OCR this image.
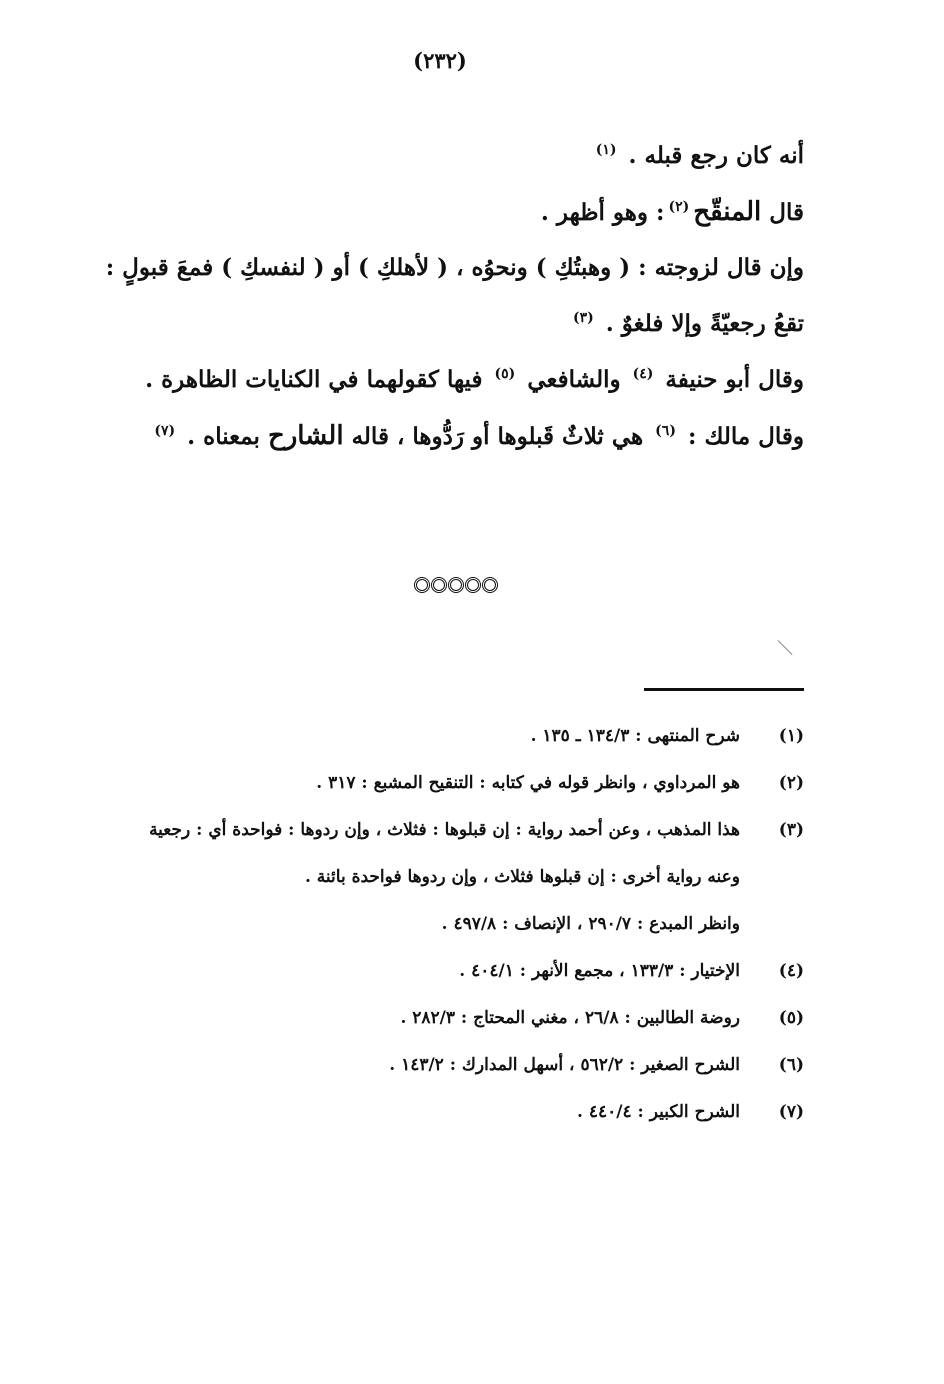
(٢٣٢)
أنه كان رجع قبله . $^{(١)}$
قال المنقّح$^{(٢)}$: وهو أظهر .
وإن قال لزوجته : ( وهبتُكِ ) ونحوُه ، ( لأهلكِ ) أو ( لنفسكِ ) فمعَ قبولٍ :
تقعُ رجعيّةً وإلا فلغوٌ . $^{(٣)}$
وقال أبو حنيفة $^{(٤)}$ والشافعي $^{(٥)}$ فيها كقولهما في الكنايات الظاهرة .
وقال مالك : $^{(٦)}$ هي ثلاثٌ قَبلوها أو رَدُّوها ، قاله الشارح بمعناه . $^{(٧)}$
(١)
شرح المنتهى : ١٣٤/٣ ـ ١٣٥ .
(٢)
هو المرداوي ، وانظر قوله في كتابه : التنقيح المشبع : ٣١٧ .
(٣)
هذا المذهب ، وعن أحمد رواية : إن قبلوها : فثلاث ، وإن ردوها : فواحدة أي : رجعية
وعنه رواية أخرى : إن قبلوها فثلاث ، وإن ردوها فواحدة بائنة .
وانظر المبدع : ٢٩٠/٧ ، الإنصاف : ٤٩٧/٨ .
(٤)
الإختيار : ١٣٣/٣ ، مجمع الأنهر : ٤٠٤/١ .
(٥)
روضة الطالبين : ٢٦/٨ ، مغني المحتاج : ٢٨٢/٣ .
(٦)
الشرح الصغير : ٥٦٢/٢ ، أسهل المدارك : ١٤٣/٢ .
(٧)
الشرح الكبير : ٤٤٠/٤ .
